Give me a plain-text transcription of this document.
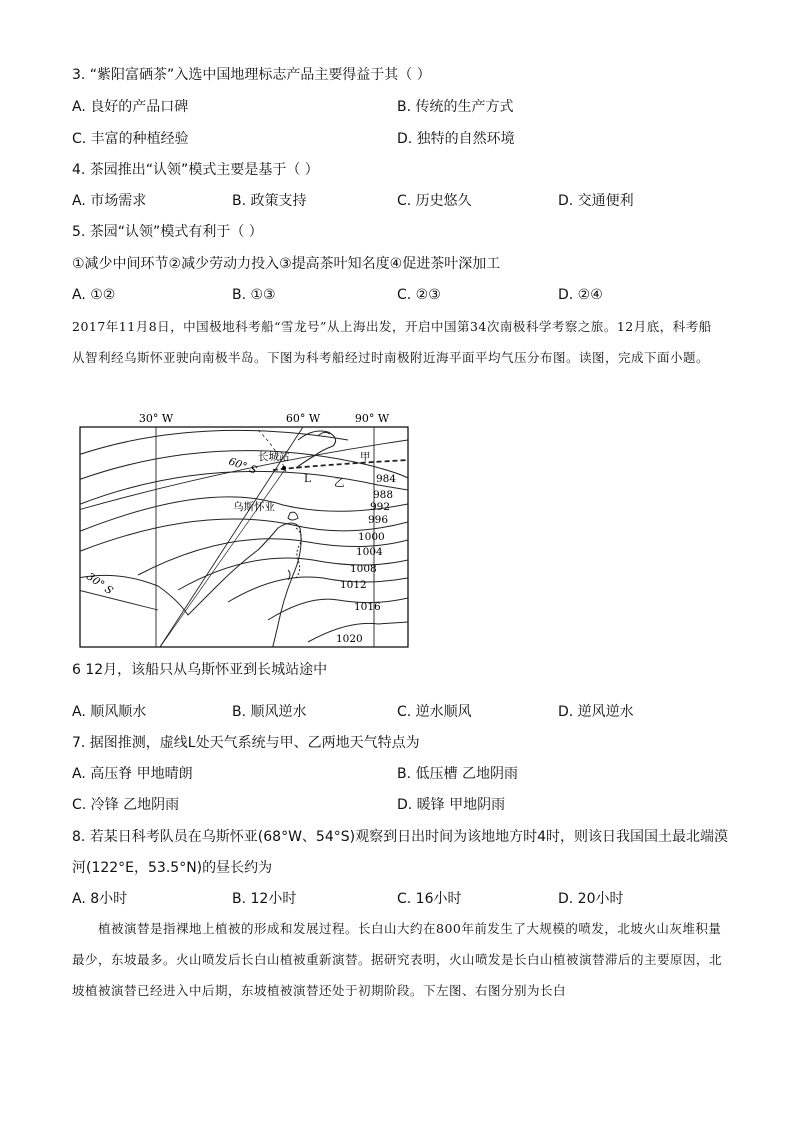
3. “紫阳富硒茶”入选中国地理标志产品主要得益于其（ ）
A. 良好的产品口碑	B. 传统的生产方式
C. 丰富的种植经验	D. 独特的自然环境
4. 茶园推出“认领”模式主要是基于（ ）
A. 市场需求	B. 政策支持	C. 历史悠久	D. 交通便利
5. 茶园“认领”模式有利于（ ）
①减少中间环节②减少劳动力投入③提高茶叶知名度④促进茶叶深加工
A. ①②	B. ①③	C. ②③	D. ②④
2017年11月8日，中国极地科考船“雪龙号”从上海出发，开启中国第34次南极科学考察之旅。12月底，科考船从智利经乌斯怀亚驶向南极半岛。下图为科考船经过时南极附近海平面平均气压分布图。读图，完成下面小题。
30° W	60° W	90° W
60° S
30° S
长城站
乌斯怀亚
甲
乙
L	984
988
992
996
1000
1004
1008
1012
1016
1020
6 12月，该船只从乌斯怀亚到长城站途中
A. 顺风顺水	B. 顺风逆水	C. 逆水顺风	D. 逆风逆水
7. 据图推测，虚线L处天气系统与甲、乙两地天气特点为
A. 高压脊 甲地晴朗	B. 低压槽 乙地阴雨
C. 冷锋 乙地阴雨	D. 暖锋 甲地阴雨
8. 若某日科考队员在乌斯怀亚(68°W、54°S)观察到日出时间为该地地方时4时，则该日我国国土最北端漠
河(122°E，53.5°N)的昼长约为
A. 8小时	B. 12小时	C. 16小时	D. 20小时
植被演替是指裸地上植被的形成和发展过程。长白山大约在800年前发生了大规模的喷发，北坡火山灰堆积量最少，东坡最多。火山喷发后长白山植被重新演替。据研究表明，火山喷发是长白山植被演替滞后的主要原因，北坡植被演替已经进入中后期，东坡植被演替还处于初期阶段。下左图、右图分别为长白
